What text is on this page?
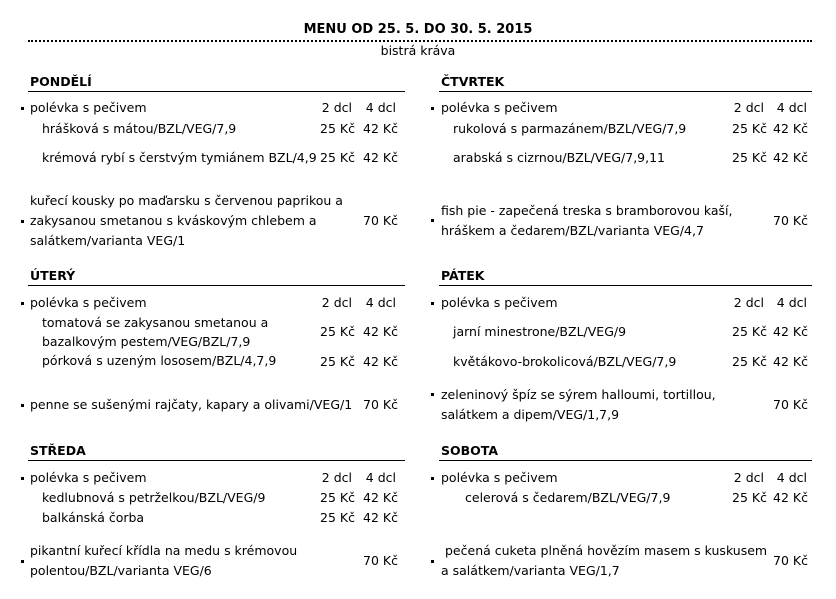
MENU OD 25. 5. DO 30. 5. 2015
bistrá kráva
PONDĚLÍ
polévka s pečivem	2 dcl	4 dcl
hrášková s mátou/BZL/VEG/7,9	25 Kč 42 Kč
krémová rybí s čerstvým tymiánem BZL/4,9 25 Kč 42 Kč
kuřecí kousky po maďarsku s červenou paprikou a
zakysanou smetanou s kváskovým chlebem a
salátkem/varianta VEG/1
70 Kč
ÚTERÝ
polévka s pečivem	2 dcl	4 dcl
tomatová se zakysanou smetanou a
bazalkovým pestem/VEG/BZL/7,9
25 Kč 42 Kč
pórková s uzeným lososem/BZL/4,7,9	25 Kč 42 Kč
penne se sušenými rajčaty, kapary a olivami/VEG/1 70 Kč
STŘEDA
polévka s pečivem	2 dcl	4 dcl
kedlubnová s petrželkou/BZL/VEG/9	25 Kč 42 Kč
balkánská čorba	25 Kč 42 Kč
pikantní kuřecí křídla na medu s krémovou
polentou/BZL/varianta VEG/6
70 Kč
ČTVRTEK
polévka s pečivem	2 dcl	4 dcl
rukolová s parmazánem/BZL/VEG/7,9	25 Kč 42 Kč
arabská s cizrnou/BZL/VEG/7,9,11	25 Kč 42 Kč
fish pie - zapečená treska s bramborovou kaší,
hráškem a čedarem/BZL/varianta VEG/4,7
70 Kč
PÁTEK
polévka s pečivem	2 dcl	4 dcl
jarní minestrone/BZL/VEG/9	25 Kč 42 Kč
květákovo-brokolicová/BZL/VEG/7,9	25 Kč 42 Kč
zeleninový špíz se sýrem halloumi, tortillou,
salátkem a dipem/VEG/1,7,9
70 Kč
SOBOTA
polévka s pečivem	2 dcl	4 dcl
celerová s čedarem/BZL/VEG/7,9	25 Kč 42 Kč
pečená cuketa plněná hovězím masem s kuskusem
a salátkem/varianta VEG/1,7
70 Kč
